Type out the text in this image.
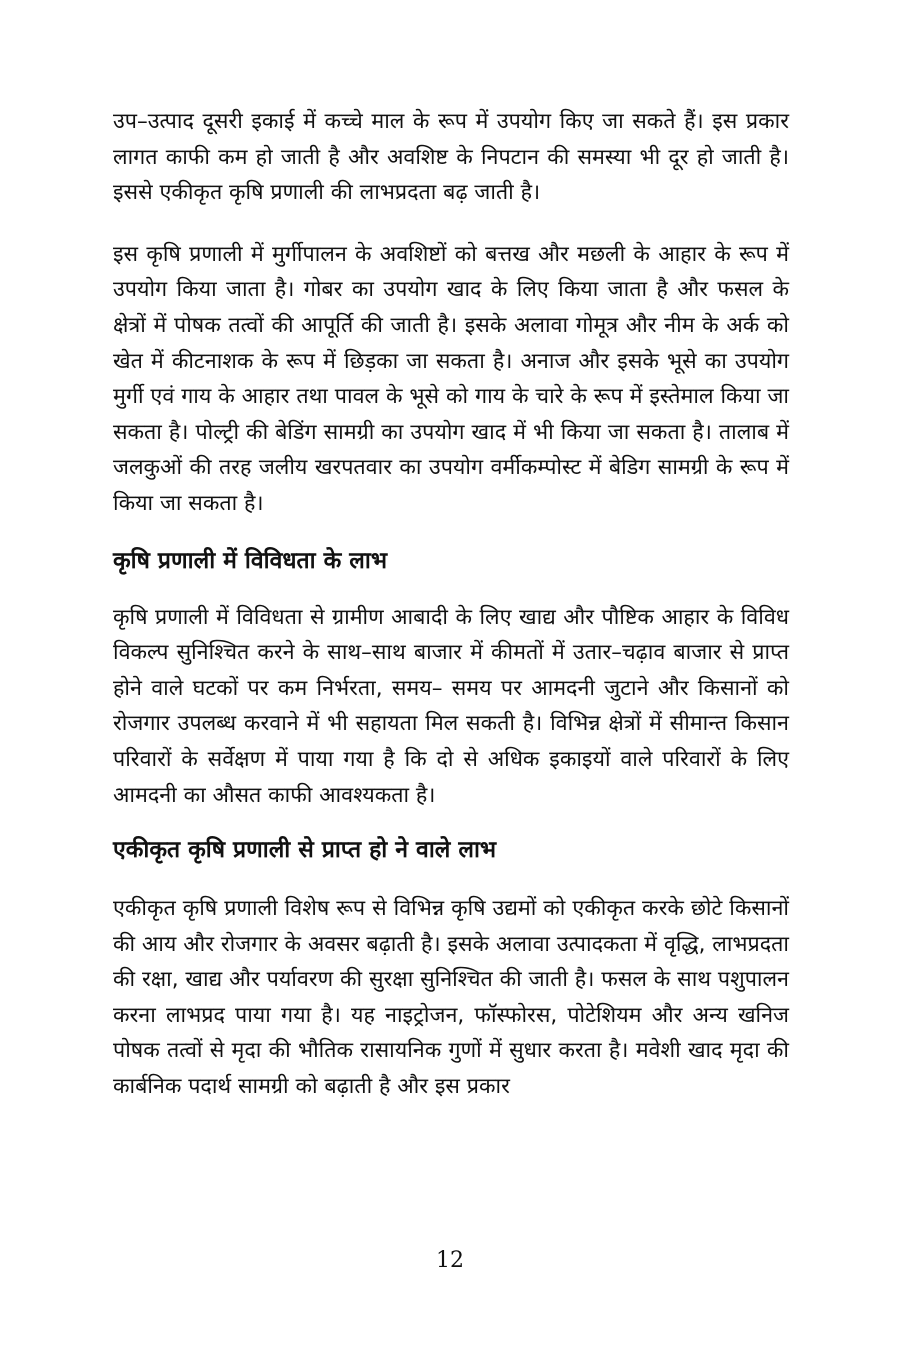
उप–उत्पाद दूसरी इकाई में कच्चे माल के रूप में उपयोग किए जा सकते हैं। इस प्रकार लागत काफी कम हो जाती है और अवशिष्ट के निपटान की समस्या भी दूर हो जाती है। इससे एकीकृत कृषि प्रणाली की लाभप्रदता बढ़ जाती है।

इस कृषि प्रणाली में मुर्गीपालन के अवशिष्टों को बत्तख और मछली के आहार के रूप में उपयोग किया जाता है। गोबर का उपयोग खाद के लिए किया जाता है और फसल के क्षेत्रों में पोषक तत्वों की आपूर्ति की जाती है। इसके अलावा गोमूत्र और नीम के अर्क को खेत में कीटनाशक के रूप में छिड़का जा सकता है। अनाज और इसके भूसे का उपयोग मुर्गी एवं गाय के आहार तथा पावल के भूसे को गाय के चारे के रूप में इस्तेमाल किया जा सकता है। पोल्ट्री की बेडिंग सामग्री का उपयोग खाद में भी किया जा सकता है। तालाब में जलकुओं की तरह जलीय खरपतवार का उपयोग वर्मीकम्पोस्ट में बेडिग सामग्री के रूप में किया जा सकता है।

कृषि प्रणाली में विविधता के लाभ

कृषि प्रणाली में विविधता से ग्रामीण आबादी के लिए खाद्य और पौष्टिक आहार के विविध विकल्प सुनिश्चित करने के साथ–साथ बाजार में कीमतों में उतार–चढ़ाव बाजार से प्राप्त होने वाले घटकों पर कम निर्भरता, समय– समय पर आमदनी जुटाने और किसानों को रोजगार उपलब्ध करवाने में भी सहायता मिल सकती है। विभिन्न क्षेत्रों में सीमान्त किसान परिवारों के सर्वेक्षण में पाया गया है कि दो से अधिक इकाइयों वाले परिवारों के लिए आमदनी का औसत काफी आवश्यकता है।

एकीकृत कृषि प्रणाली से प्राप्त हो ने वाले लाभ

एकीकृत कृषि प्रणाली विशेष रूप से विभिन्न कृषि उद्यमों को एकीकृत करके छोटे किसानों की आय और रोजगार के अवसर बढ़ाती है। इसके अलावा उत्पादकता में वृद्धि, लाभप्रदता की रक्षा, खाद्य और पर्यावरण की सुरक्षा सुनिश्चित की जाती है। फसल के साथ पशुपालन करना लाभप्रद पाया गया है। यह नाइट्रोजन, फॉस्फोरस, पोटेशियम और अन्य खनिज पोषक तत्वों से मृदा की भौतिक रासायनिक गुणों में सुधार करता है। मवेशी खाद मृदा की कार्बनिक पदार्थ सामग्री को बढ़ाती है और इस प्रकार

12
